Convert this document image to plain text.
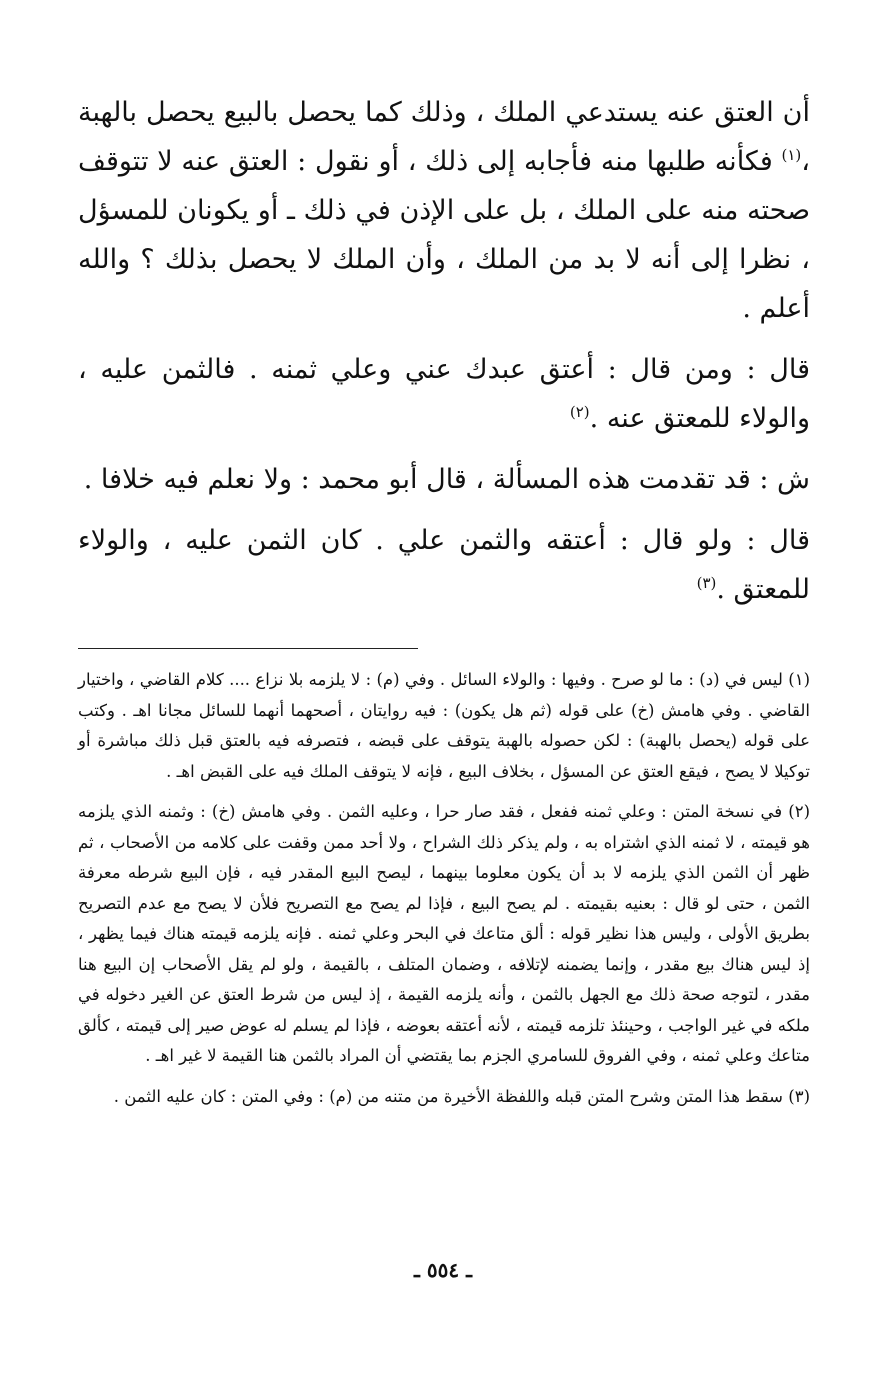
أن العتق عنه يستدعي الملك ، وذلك كما يحصل بالبيع يحصل بالهبة ،$^{(١)}$ فكأنه طلبها منه فأجابه إلى ذلك ، أو نقول : العتق عنه لا تتوقف صحته منه على الملك ، بل على الإذن في ذلك ـ أو يكونان للمسؤل ، نظرا إلى أنه لا بد من الملك ، وأن الملك لا يحصل بذلك ؟ والله أعلم .

قال : ومن قال : أعتق عبدك عني وعلي ثمنه . فالثمن عليه ، والولاء للمعتق عنه .$^{(٢)}$

ش : قد تقدمت هذه المسألة ، قال أبو محمد : ولا نعلم فيه خلافا .

قال : ولو قال : أعتقه والثمن علي . كان الثمن عليه ، والولاء للمعتق .$^{(٣)}$

(١) ليس في (د) : ما لو صرح . وفيها : والولاء السائل . وفي (م) : لا يلزمه بلا نزاع .... كلام القاضي ، واختيار القاضي . وفي هامش (خ) على قوله (ثم هل يكون) : فيه روايتان ، أصحهما أنهما للسائل مجانا اهـ . وكتب على قوله (يحصل بالهبة) : لكن حصوله بالهبة يتوقف على قبضه ، فتصرفه فيه بالعتق قبل ذلك مباشرة أو توكيلا لا يصح ، فيقع العتق عن المسؤل ، بخلاف البيع ، فإنه لا يتوقف الملك فيه على القبض اهـ .

(٢) في نسخة المتن : وعلي ثمنه ففعل ، فقد صار حرا ، وعليه الثمن . وفي هامش (خ) : وثمنه الذي يلزمه هو قيمته ، لا ثمنه الذي اشتراه به ، ولم يذكر ذلك الشراح ، ولا أحد ممن وقفت على كلامه من الأصحاب ، ثم ظهر أن الثمن الذي يلزمه لا بد أن يكون معلوما بينهما ، ليصح البيع المقدر فيه ، فإن البيع شرطه معرفة الثمن ، حتى لو قال : بعنيه بقيمته . لم يصح البيع ، فإذا لم يصح مع التصريح فلأن لا يصح مع عدم التصريح بطريق الأولى ، وليس هذا نظير قوله : ألق متاعك في البحر وعلي ثمنه . فإنه يلزمه قيمته هناك فيما يظهر ، إذ ليس هناك بيع مقدر ، وإنما يضمنه لإتلافه ، وضمان المتلف ، بالقيمة ، ولو لم يقل الأصحاب إن البيع هنا مقدر ، لتوجه صحة ذلك مع الجهل بالثمن ، وأنه يلزمه القيمة ، إذ ليس من شرط العتق عن الغير دخوله في ملكه في غير الواجب ، وحينئذ تلزمه قيمته ، لأنه أعتقه بعوضه ، فإذا لم يسلم له عوض صير إلى قيمته ، كألق متاعك وعلي ثمنه ، وفي الفروق للسامري الجزم بما يقتضي أن المراد بالثمن هنا القيمة لا غير اهـ .

(٣) سقط هذا المتن وشرح المتن قبله واللفظة الأخيرة من متنه من (م) : وفي المتن : كان عليه الثمن .

ـ ٥٥٤ ـ
